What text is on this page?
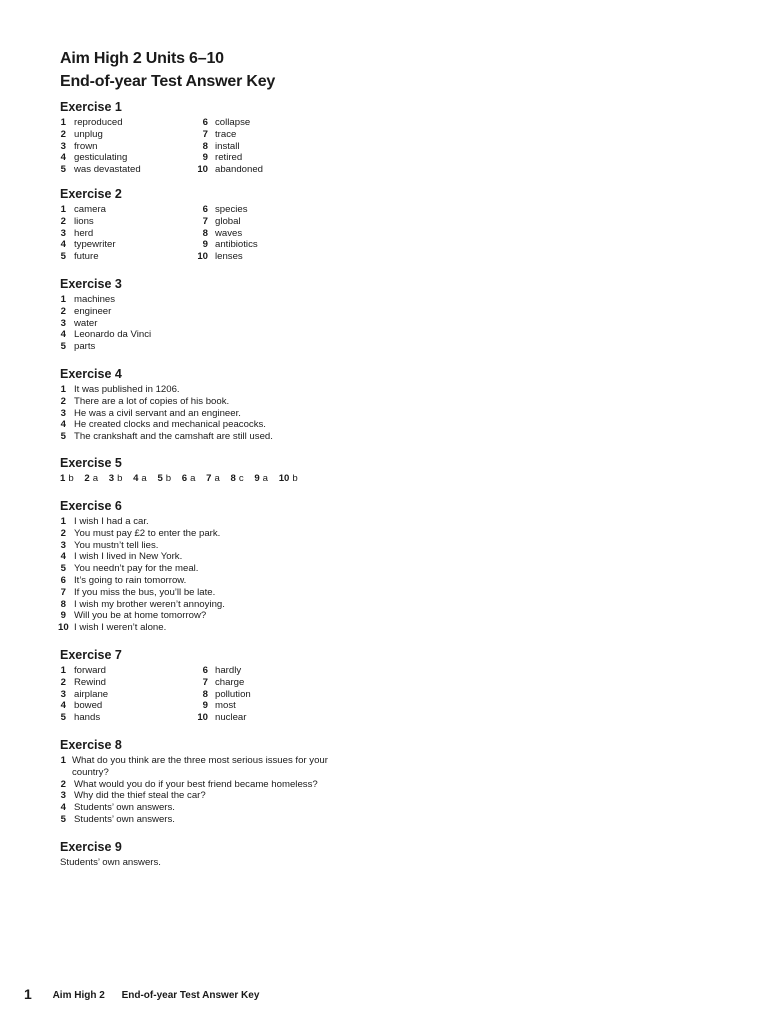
Aim High 2 Units 6–10
End-of-year Test Answer Key
Exercise 1
1 reproduced
2 unplug
3 frown
4 gesticulating
5 was devastated
6 collapse
7 trace
8 install
9 retired
10 abandoned
Exercise 2
1 camera
2 lions
3 herd
4 typewriter
5 future
6 species
7 global
8 waves
9 antibiotics
10 lenses
Exercise 3
1 machines
2 engineer
3 water
4 Leonardo da Vinci
5 parts
Exercise 4
1 It was published in 1206.
2 There are a lot of copies of his book.
3 He was a civil servant and an engineer.
4 He created clocks and mechanical peacocks.
5 The crankshaft and the camshaft are still used.
Exercise 5
1 b 2 a 3 b 4 a 5 b 6 a 7 a 8 c 9 a 10 b
Exercise 6
1 I wish I had a car.
2 You must pay £2 to enter the park.
3 You mustn’t tell lies.
4 I wish I lived in New York.
5 You needn’t pay for the meal.
6 It’s going to rain tomorrow.
7 If you miss the bus, you’ll be late.
8 I wish my brother weren’t annoying.
9 Will you be at home tomorrow?
10 I wish I weren’t alone.
Exercise 7
1 forward
2 Rewind
3 airplane
4 bowed
5 hands
6 hardly
7 charge
8 pollution
9 most
10 nuclear
Exercise 8
1 What do you think are the three most serious issues for your country?
2 What would you do if your best friend became homeless?
3 Why did the thief steal the car?
4 Students’ own answers.
5 Students’ own answers.
Exercise 9
Students’ own answers.
1 Aim High 2 End-of-year Test Answer Key
